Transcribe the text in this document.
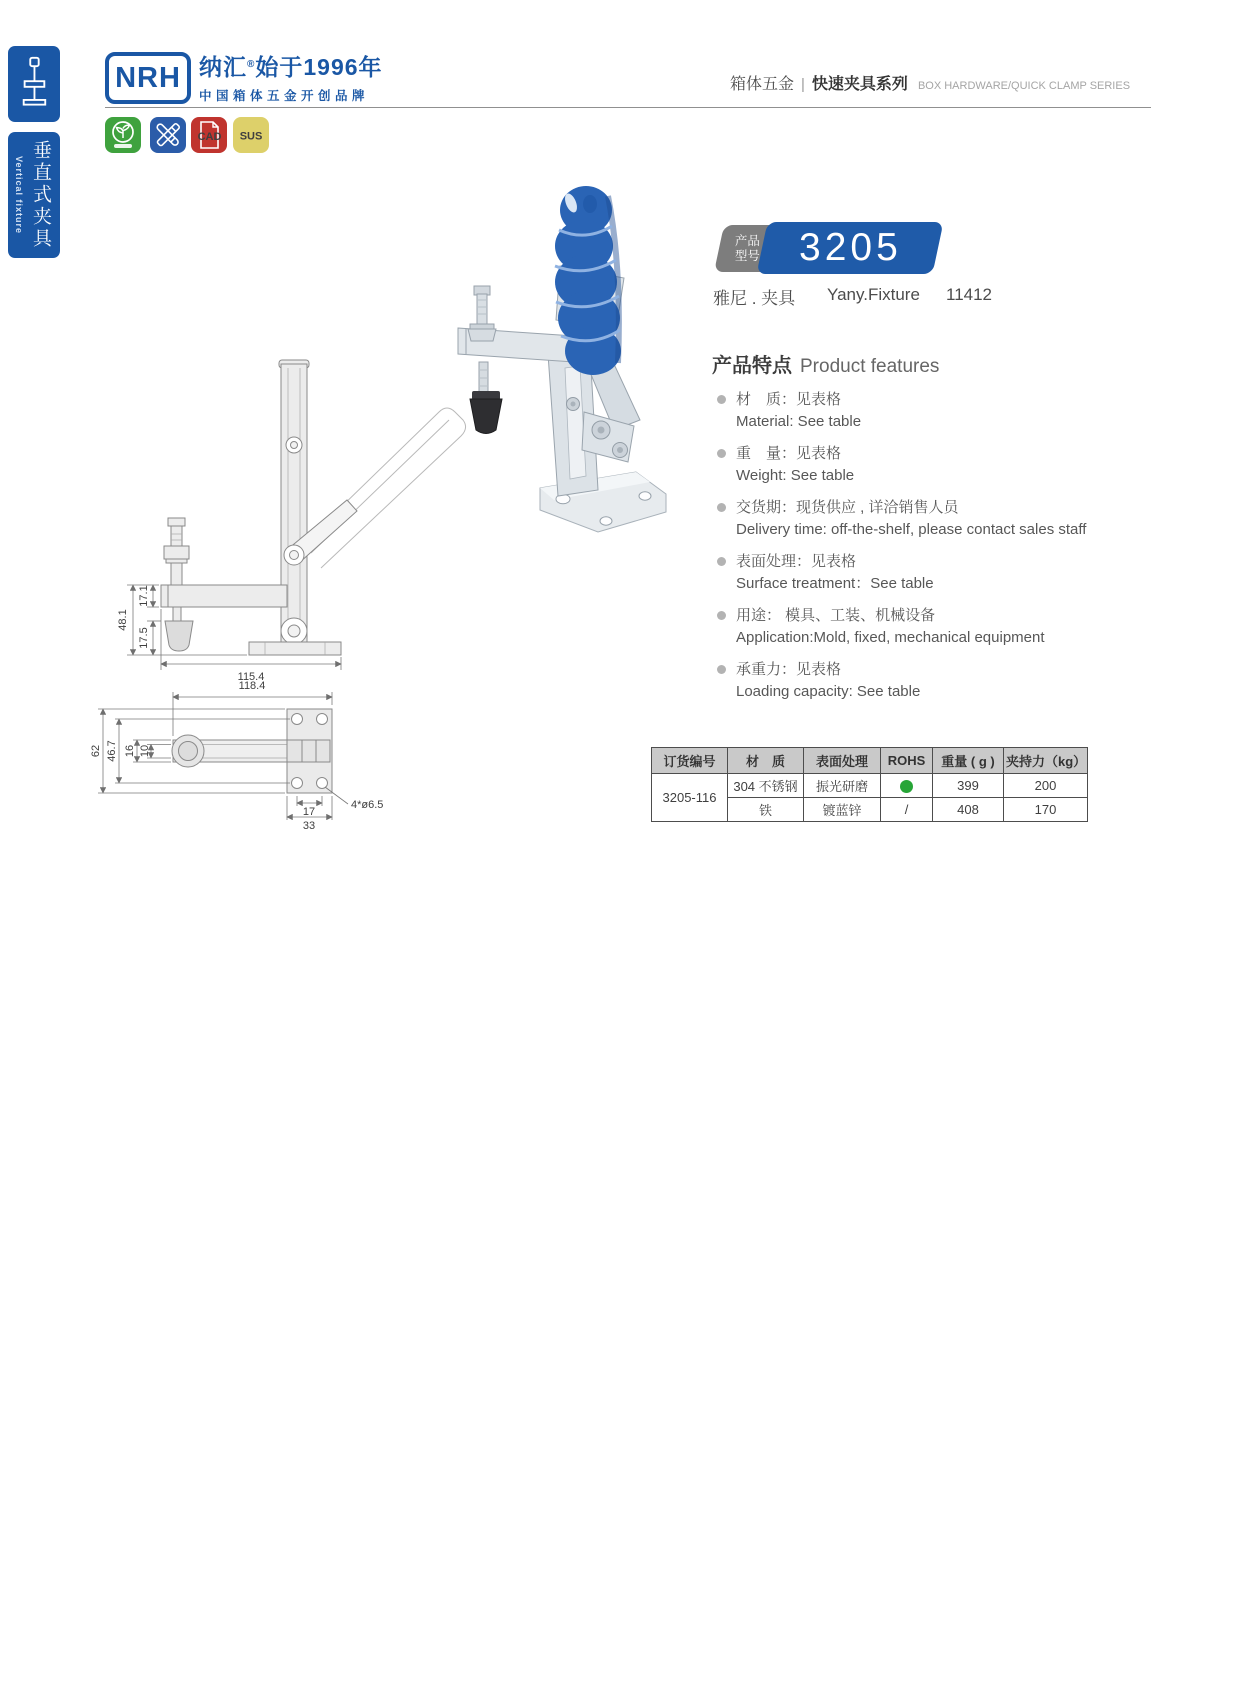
Vertical fixture 垂直式夹具
NRH 纳汇®始于1996年
中国箱体五金开创品牌
箱体五金 | 快速夹具系列 BOX HARDWARE/QUICK CLAMP SERIES
CAD SUS
产品
型号 3205
雅尼 . 夹具 Yany.Fixture 11412
产品特点 Product features
材　质：见表格
Material: See table
重　量：见表格
Weight: See table
交货期：现货供应 , 详洽销售人员
Delivery time: off-the-shelf, please contact sales staff
表面处理：见表格
Surface treatment：See table
用途： 模具、工装、机械设备
Application:Mold, fixed, mechanical equipment
承重力：见表格
Loading capacity: See table
订货编号	材　质	表面处理	ROHS	重量 ( g )	夹持力（kg）
3205-116	304 不锈钢	振光研磨		399	200
	铁	镀蓝锌	/	408	170
48.1
17.1
17.5
115.4
118.4
62 46.7 16 10
17
33
4*ø6.5
